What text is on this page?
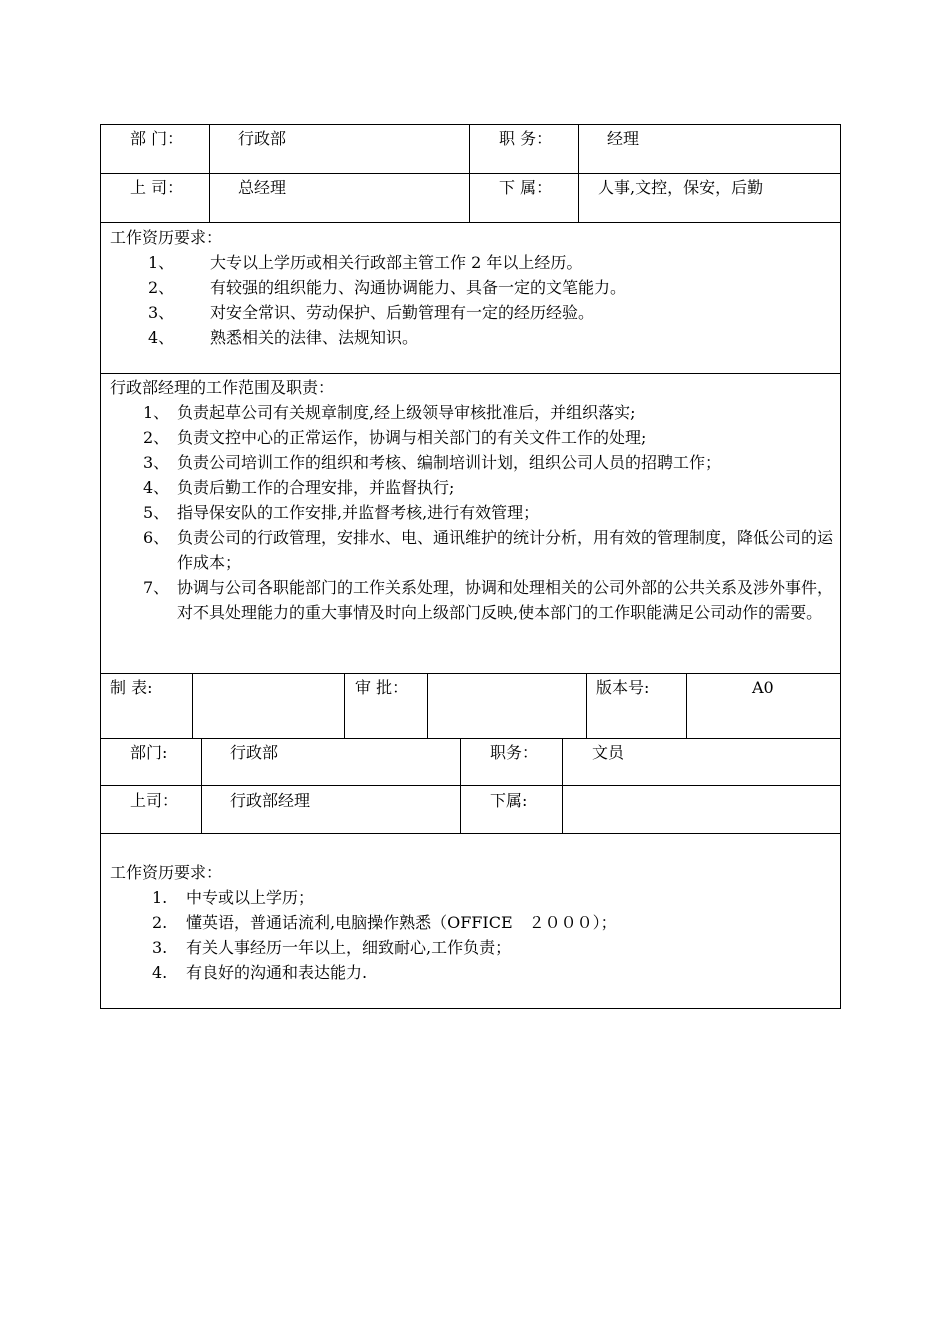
部 门：	行政部	职 务：	经理
上 司：	总经理	下 属：	人事,文控，保安，后勤
工作资历要求：
1、 大专以上学历或相关行政部主管工作 2 年以上经历。
2、 有较强的组织能力、沟通协调能力、具备一定的文笔能力。
3、 对安全常识、劳动保护、后勤管理有一定的经历经验。
4、 熟悉相关的法律、法规知识。
行政部经理的工作范围及职责：
1、 负责起草公司有关规章制度,经上级领导审核批准后，并组织落实;
2、 负责文控中心的正常运作，协调与相关部门的有关文件工作的处理;
3、 负责公司培训工作的组织和考核、编制培训计划，组织公司人员的招聘工作；
4、 负责后勤工作的合理安排，并监督执行;
5、 指导保安队的工作安排,并监督考核,进行有效管理；
6、 负责公司的行政管理，安排水、电、通讯维护的统计分析，用有效的管理制度，降低公司的运作成本；
7、 协调与公司各职能部门的工作关系处理，协调和处理相关的公司外部的公共关系及涉外事件，对不具处理能力的重大事情及时向上级部门反映,使本部门的工作职能满足公司动作的需要。
制 表:	审 批：	版本号:	A0
部门:	行政部	职务：	文员
上司：	行政部经理	下属:
工作资历要求：
1. 中专或以上学历；
2. 懂英语，普通话流利,电脑操作熟悉（OFFICE　２０００）；
3. 有关人事经历一年以上，细致耐心,工作负责；
4. 有良好的沟通和表达能力.
